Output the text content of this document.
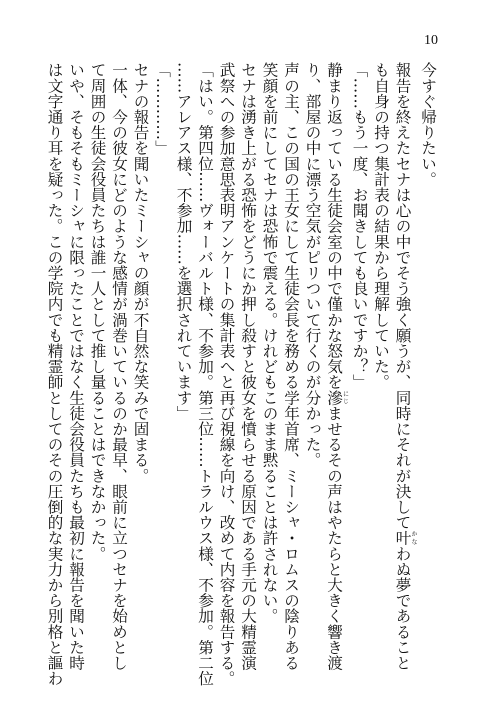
10

今すぐ帰りたい。

報告を終えたセナは心の中でそう強く願うが、同時にそれが決して叶かなわぬ夢であること

も自身の持つ集計表の結果から理解していた。

「……もう一度、お聞きしても良いですか？」

静まり返っている生徒会室の中で僅かな怒気を滲にじませるその声はやたらと大きく響き渡

り、部屋の中に漂う空気がピリついて行くのが分かった。

声の主、この国の王女にして生徒会長を務める学年首席、ミーシャ・ロムスの陰りある

笑顔を前にしてセナは恐怖で震える。けれどもこのまま黙ることは許されない。

セナは湧き上がる恐怖をどうにか押し殺すと彼女を憤らせる原因である手元の大精霊演

武祭への参加意思表明アンケートの集計表へと再び視線を向け、改めて内容を報告する。

「はい。第四位……ヴォーバルト様、不参加。第三位……トラルウス様、不参加。第二位

……アレアス様、不参加……を選択されています」

「…………」

セナの報告を聞いたミーシャの顔が不自然な笑みで固まる。

一体、今の彼女にどのような感情が渦巻いているのか最早、眼前に立つセナを始めとし

て周囲の生徒会役員たちは誰一人として推し量ることはできなかった。

いや、そもそもミーシャに限ったことではなく生徒会役員たちも最初に報告を聞いた時

は文字通り耳を疑った。この学院内でも精霊師としてのその圧倒的な実力から別格と謳わ
